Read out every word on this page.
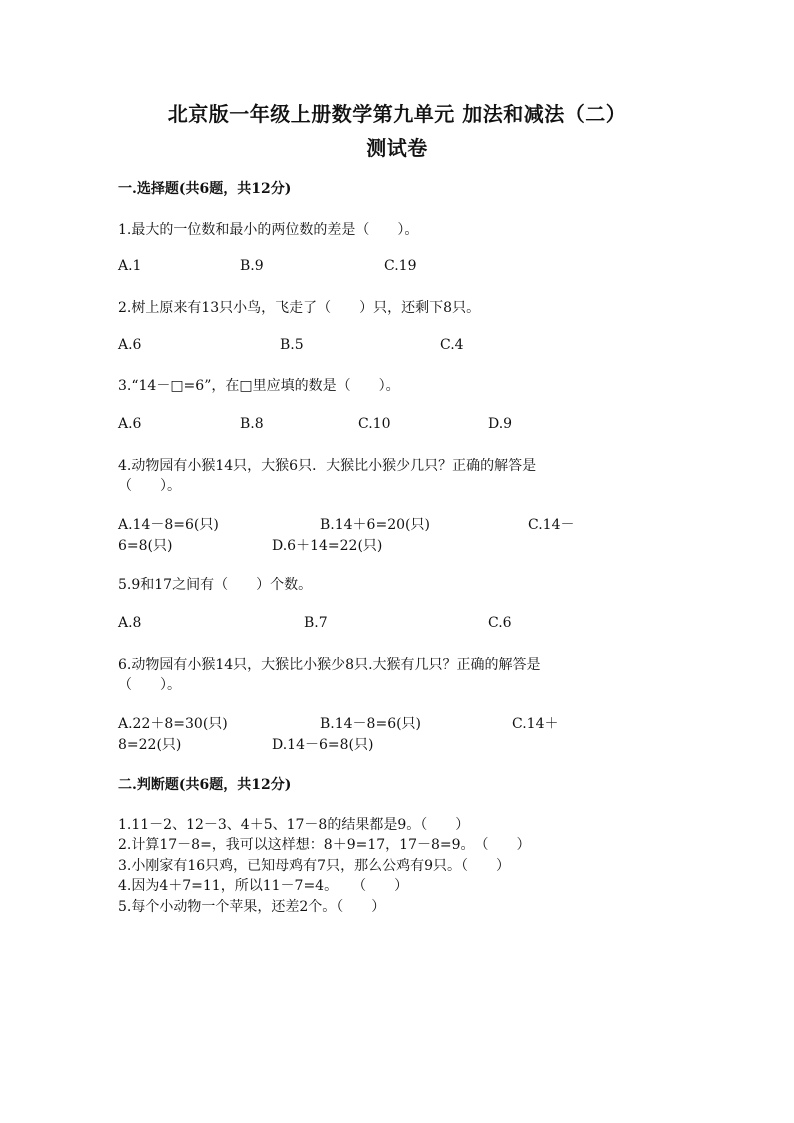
北京版一年级上册数学第九单元 加法和减法（二）
测试卷
一.选择题(共6题，共12分)
1.最大的一位数和最小的两位数的差是（　　）。
A.1	B.9	C.19
2.树上原来有13只小鸟，飞走了（　　）只，还剩下8只。
A.6	B.5	C.4
3.“14－□=6”，在□里应填的数是（　　）。
A.6	B.8	C.10	D.9
4.动物园有小猴14只，大猴6只．大猴比小猴少几只？正确的解答是
（　　）。
A.14－8=6(只)	B.14＋6=20(只)	C.14－
6=8(只)	D.6＋14=22(只)
5.9和17之间有（　　）个数。
A.8	B.7	C.6
6.动物园有小猴14只，大猴比小猴少8只.大猴有几只？正确的解答是
（　　）。
A.22＋8=30(只)	B.14－8=6(只)	C.14＋
8=22(只)	D.14－6=8(只)
二.判断题(共6题，共12分)
1.11－2、12－3、4＋5、17－8的结果都是9。（　　）
2.计算17－8=，我可以这样想：8＋9=17，17－8=9。　（　　）
3.小刚家有16只鸡，已知母鸡有7只，那么公鸡有9只。（　　）
4.因为4＋7=11，所以11－7=4。　　（　　）
5.每个小动物一个苹果，还差2个。（　　）
